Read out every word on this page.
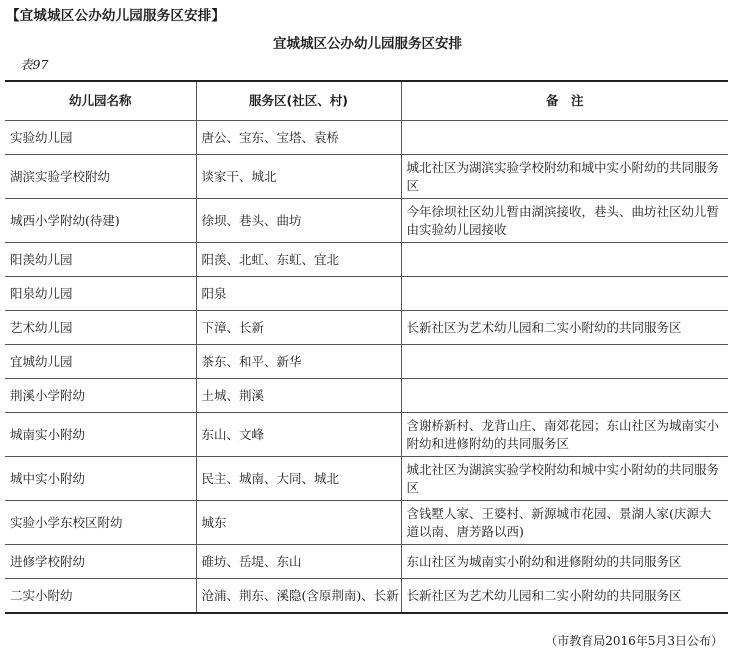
【宜城城区公办幼儿园服务区安排】
宜城城区公办幼儿园服务区安排
表97
幼儿园名称	服务区(社区、村)	备　注
实验幼儿园	唐公、宝东、宝塔、袁桥	
湖滨实验学校附幼	谈家干、城北	城北社区为湖滨实验学校附幼和城中实小附幼的共同服务区
城西小学附幼(待建)	徐坝、巷头、曲坊	今年徐坝社区幼儿暂由湖滨接收，巷头、曲坊社区幼儿暂由实验幼儿园接收
阳羡幼儿园	阳羡、北虹、东虹、宜北	
阳泉幼儿园	阳泉	
艺术幼儿园	下漳、长新	长新社区为艺术幼儿园和二实小附幼的共同服务区
宜城幼儿园	茶东、和平、新华	
荆溪小学附幼	土城、荆溪	
城南实小附幼	东山、文峰	含谢桥新村、龙背山庄、南郊花园；东山社区为城南实小附幼和进修附幼的共同服务区
城中实小附幼	民主、城南、大同、城北	城北社区为湖滨实验学校附幼和城中实小附幼的共同服务区
实验小学东校区附幼	城东	含钱墅人家、王婆村、新源城市花园、景湖人家(庆源大道以南、唐芳路以西)
进修学校附幼	碓坊、岳堤、东山	东山社区为城南实小附幼和进修附幼的共同服务区
二实小附幼	沧浦、荆东、溪隐(含原荆南)、长新	长新社区为艺术幼儿园和二实小附幼的共同服务区
（市教育局2016年5月3日公布）
